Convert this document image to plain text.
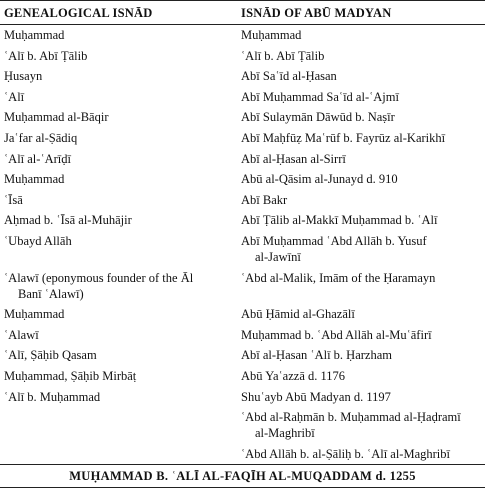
GENEALOGICAL ISNĀD	ISNĀD OF ABŪ MADYAN
Muḥammad	Muḥammad
ʿAlī b. Abī Ṭālib	ʿAlī b. Abī Ṭālib
Ḥusayn	Abī Saʿīd al-Ḥasan
ʿAlī	Abī Muḥammad Saʿīd al-ʿAjmī
Muḥammad al-Bāqir	Abī Sulaymān Dāwūd b. Naṣīr
Jaʿfar al-Ṣādiq	Abī Maḥfūẓ Maʿrūf b. Fayrūz al-Karikhī
ʿAlī al-ʿArīḍī	Abī al-Ḥasan al-Sirrī
Muḥammad	Abū al-Qāsim al-Junayd d. 910
ʿĪsā	Abī Bakr
Aḥmad b. ʿĪsā al-Muhājir	Abī Ṭālib al-Makkī Muḥammad b. ʿAlī
ʿUbayd Allāh	Abī Muḥammad ʿAbd Allāh b. Yusuf
al-Jawīnī

ʿAlawī (eponymous founder of the Āl
Banī ʿAlawī)	ʿAbd al-Malik, Imām of the Ḥaramayn
Muḥammad	Abū Ḥāmid al-Ghazālī
ʿAlawī	Muḥammad b. ʿAbd Allāh al-Muʿāfirī
ʿAlī, Ṣāḥib Qasam	Abī al-Ḥasan ʿAlī b. Ḥarzham
Muḥammad, Ṣāḥib Mirbāṭ	Abū Yaʿazzā d. 1176
ʿAlī b. Muḥammad	Shuʿayb Abū Madyan d. 1197
	ʿAbd al-Raḥmān b. Muḥammad al-Ḥaḍramī
al-Maghribī

	ʿAbd Allāh b. al-Ṣāliḥ b. ʿAlī al-Maghribī
MUḤAMMAD B. ʿALĪ AL-FAQĪH AL-MUQADDAM d. 1255	
